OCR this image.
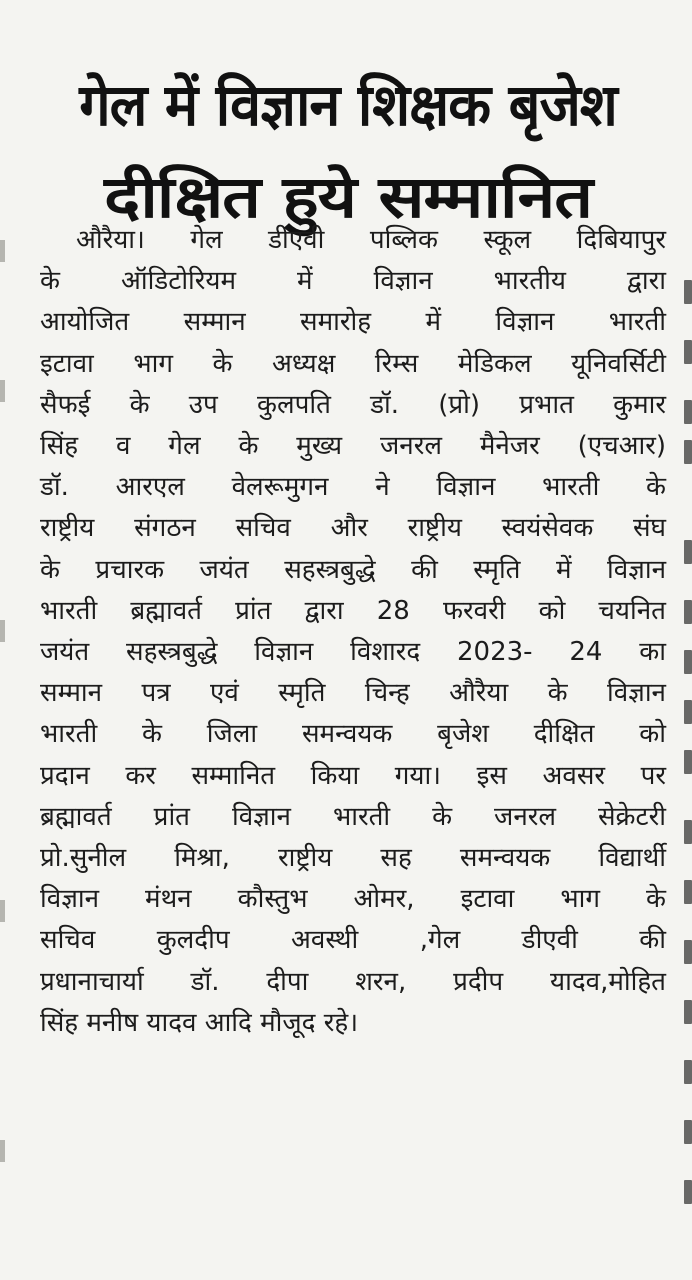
गेल में विज्ञान शिक्षक बृजेश
दीक्षित हुये सम्मानित
औरैया। गेल डीएवी पब्लिक स्कूल दिबियापुर
के ऑडिटोरियम में विज्ञान भारतीय द्वारा
आयोजित सम्मान समारोह में विज्ञान भारती
इटावा भाग के अध्यक्ष रिम्स मेडिकल यूनिवर्सिटी
सैफई के उप कुलपति डॉ. (प्रो) प्रभात कुमार
सिंह व गेल के मुख्य जनरल मैनेजर (एचआर)
डॉ. आरएल वेलरूमुगन ने विज्ञान भारती के
राष्ट्रीय संगठन सचिव और राष्ट्रीय स्वयंसेवक संघ
के प्रचारक जयंत सहस्त्रबुद्धे की स्मृति में विज्ञान
भारती ब्रह्मावर्त प्रांत द्वारा 28 फरवरी को चयनित
जयंत सहस्त्रबुद्धे विज्ञान विशारद 2023- 24 का
सम्मान पत्र एवं स्मृति चिन्ह औरैया के विज्ञान
भारती के जिला समन्वयक बृजेश दीक्षित को
प्रदान कर सम्मानित किया गया। इस अवसर पर
ब्रह्मावर्त प्रांत विज्ञान भारती के जनरल सेक्रेटरी
प्रो.सुनील मिश्रा, राष्ट्रीय सह समन्वयक विद्यार्थी
विज्ञान मंथन कौस्तुभ ओमर, इटावा भाग के
सचिव कुलदीप अवस्थी ,गेल डीएवी की
प्रधानाचार्या डॉ. दीपा शरन, प्रदीप यादव,मोहित
सिंह मनीष यादव आदि मौजूद रहे।
